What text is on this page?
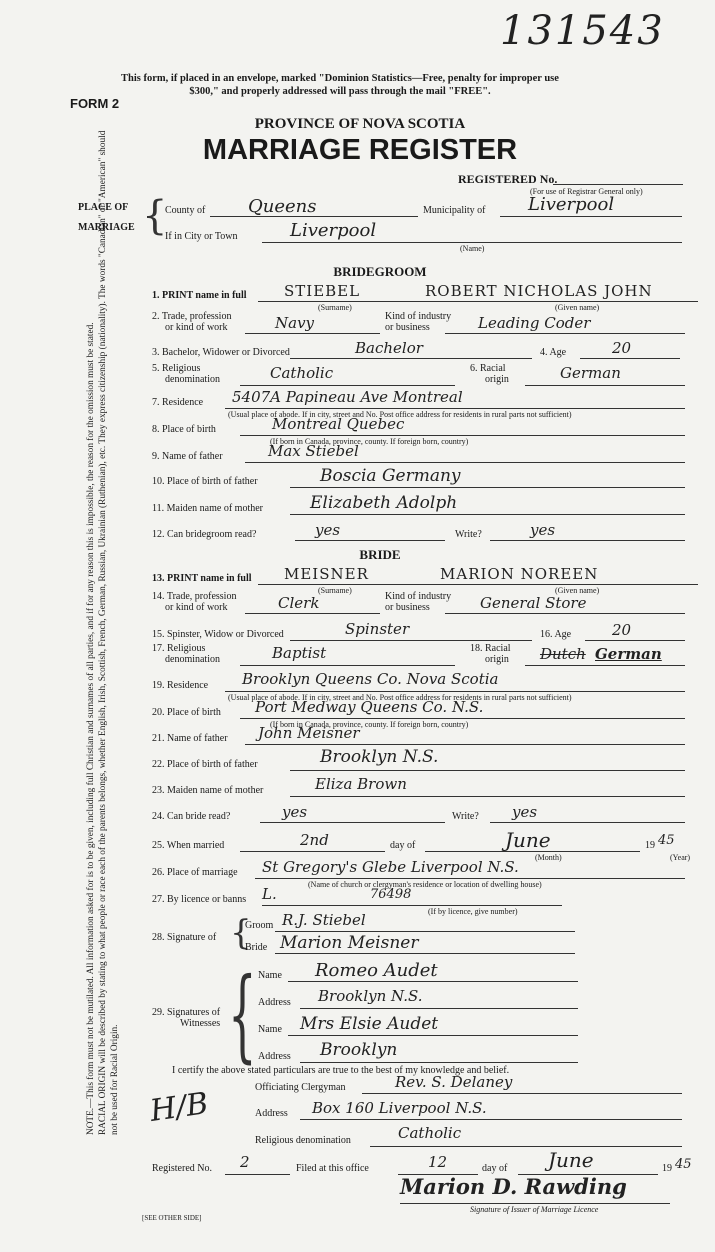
131543
This form, if placed in an envelope, marked "Dominion Statistics—Free, penalty for improper use $300," and properly addressed will pass through the mail "FREE".
FORM 2
PROVINCE OF NOVA SCOTIA
MARRIAGE REGISTER
REGISTERED No.
(For use of Registrar General only)
PLACE OF
MARRIAGE {
County of Queens	Municipality of Liverpool
If in City or Town	Liverpool
(Name)
NOTE.—This form must not be mutilated. All information asked for is to be given, including full Christian and surnames of all parties, and if for any reason this is impossible, the reason for the omission must be stated. RACIAL ORIGIN will be described by stating to what people or race each of the parents belongs, whether English, Irish, Scottish, French, German, Russian, Ukrainian (Ruthenian), etc. They express citizenship (nationality). The words "Canadian" or "American" should not be used for Racial Origin.
BRIDEGROOM
1. PRINT name in full STIEBEL	ROBERT NICHOLAS JOHN
(Surname)	(Given name)
2. Trade, profession
or kind of work	Navy	Kind of industry
or business	Leading Coder
3. Bachelor, Widower or Divorced	Bachelor	4. Age	20
5. Religious
denomination	Catholic	6. Racial
origin	German
7. Residence 5407A Papineau Ave Montreal
(Usual place of abode. If in city, street and No. Post office address for residents in rural parts not sufficient)
8. Place of birth	Montreal Quebec
(If born in Canada, province, county. If foreign born, country)
9. Name of father	Max Stiebel
10. Place of birth of father	Boscia Germany
11. Maiden name of mother	Elizabeth Adolph
12. Can bridegroom read?	yes	Write?	yes
BRIDE
13. PRINT name in full MEISNER	MARION NOREEN
(Surname)	(Given name)
14. Trade, profession
or kind of work	Clerk	Kind of industry
or business	General Store
15. Spinster, Widow or Divorced	Spinster	16. Age	20
17. Religious
denomination	Baptist	18. Racial
origin Dutch German
19. Residence Brooklyn Queens Co. Nova Scotia
(Usual place of abode. If in city, street and No. Post office address for residents in rural parts not sufficient)
20. Place of birth Port Medway Queens Co. N.S.
(If born in Canada, province, county. If foreign born, country)
21. Name of father John Meisner
22. Place of birth of father	Brooklyn N.S.
23. Maiden name of mother	Eliza Brown
24. Can bride read?	yes	Write? yes
25. When married	2nd	day of	June
(Month)
19 45
(Year)
26. Place of marriage St Gregory's Glebe Liverpool N.S.
(Name of church or clergyman's residence or location of dwelling house)
27. By licence or banns L.	76498
(If by licence, give number)
28. Signature of {
Groom R.J. Stiebel
Bride Marion Meisner
29. Signatures of
Witnesses { Name Romeo Audet
Address Brooklyn N.S.
Name Mrs Elsie Audet
Address Brooklyn
I certify the above stated particulars are true to the best of my knowledge and belief.
Officiating Clergyman	Rev. S. Delaney
Address Box 160 Liverpool N.S.
Religious denomination	Catholic
H/B
Registered No. 2	Filed at this office	12	day of June	19 45
Marion D. Rawding
Signature of Issuer of Marriage Licence
[SEE OTHER SIDE]
